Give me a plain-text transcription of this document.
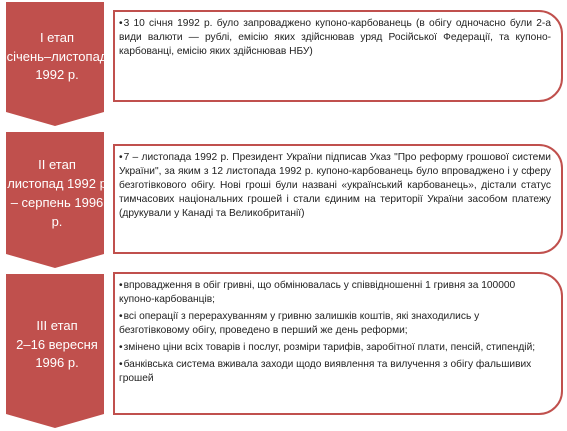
І етап
січень–листопад
1992 р.

• 3 10 січня 1992 р. було запроваджено купоно-карбованець (в обігу одночасно були 2-а види валюти — рублі, емісію яких здійснював уряд Російської Федерації, та купоно-карбованці, емісію яких здійснював НБУ)

ІІ етап
листопад 1992 р
– серпень 1996
р.

• 7 – листопада 1992 р. Президент України підписав Указ "Про реформу грошової системи України", за яким з 12 листопада 1992 р. купоно-карбованець було впроваджено і у сферу безготівкового обігу. Нові гроші були названі «український карбованець», дістали статус тимчасових національних грошей і стали єдиним на території України засобом платежу (друкували у Канаді та Великобританії)

ІІІ етап
2–16 вересня
1996 р.

• впровадження в обіг гривні, що обмінювалась у співвідношенні 1 гривня за 100000 купоно-карбованців;

• всі операції з перерахуванням у гривню залишків коштів, які знаходились у безготівковому обігу, проведено в перший же день реформи;

• змінено ціни всіх товарів і послуг, розміри тарифів, заробітної плати, пенсій, стипендій;

• банківська система вживала заходи щодо виявлення та вилучення з обігу фальшивих грошей
